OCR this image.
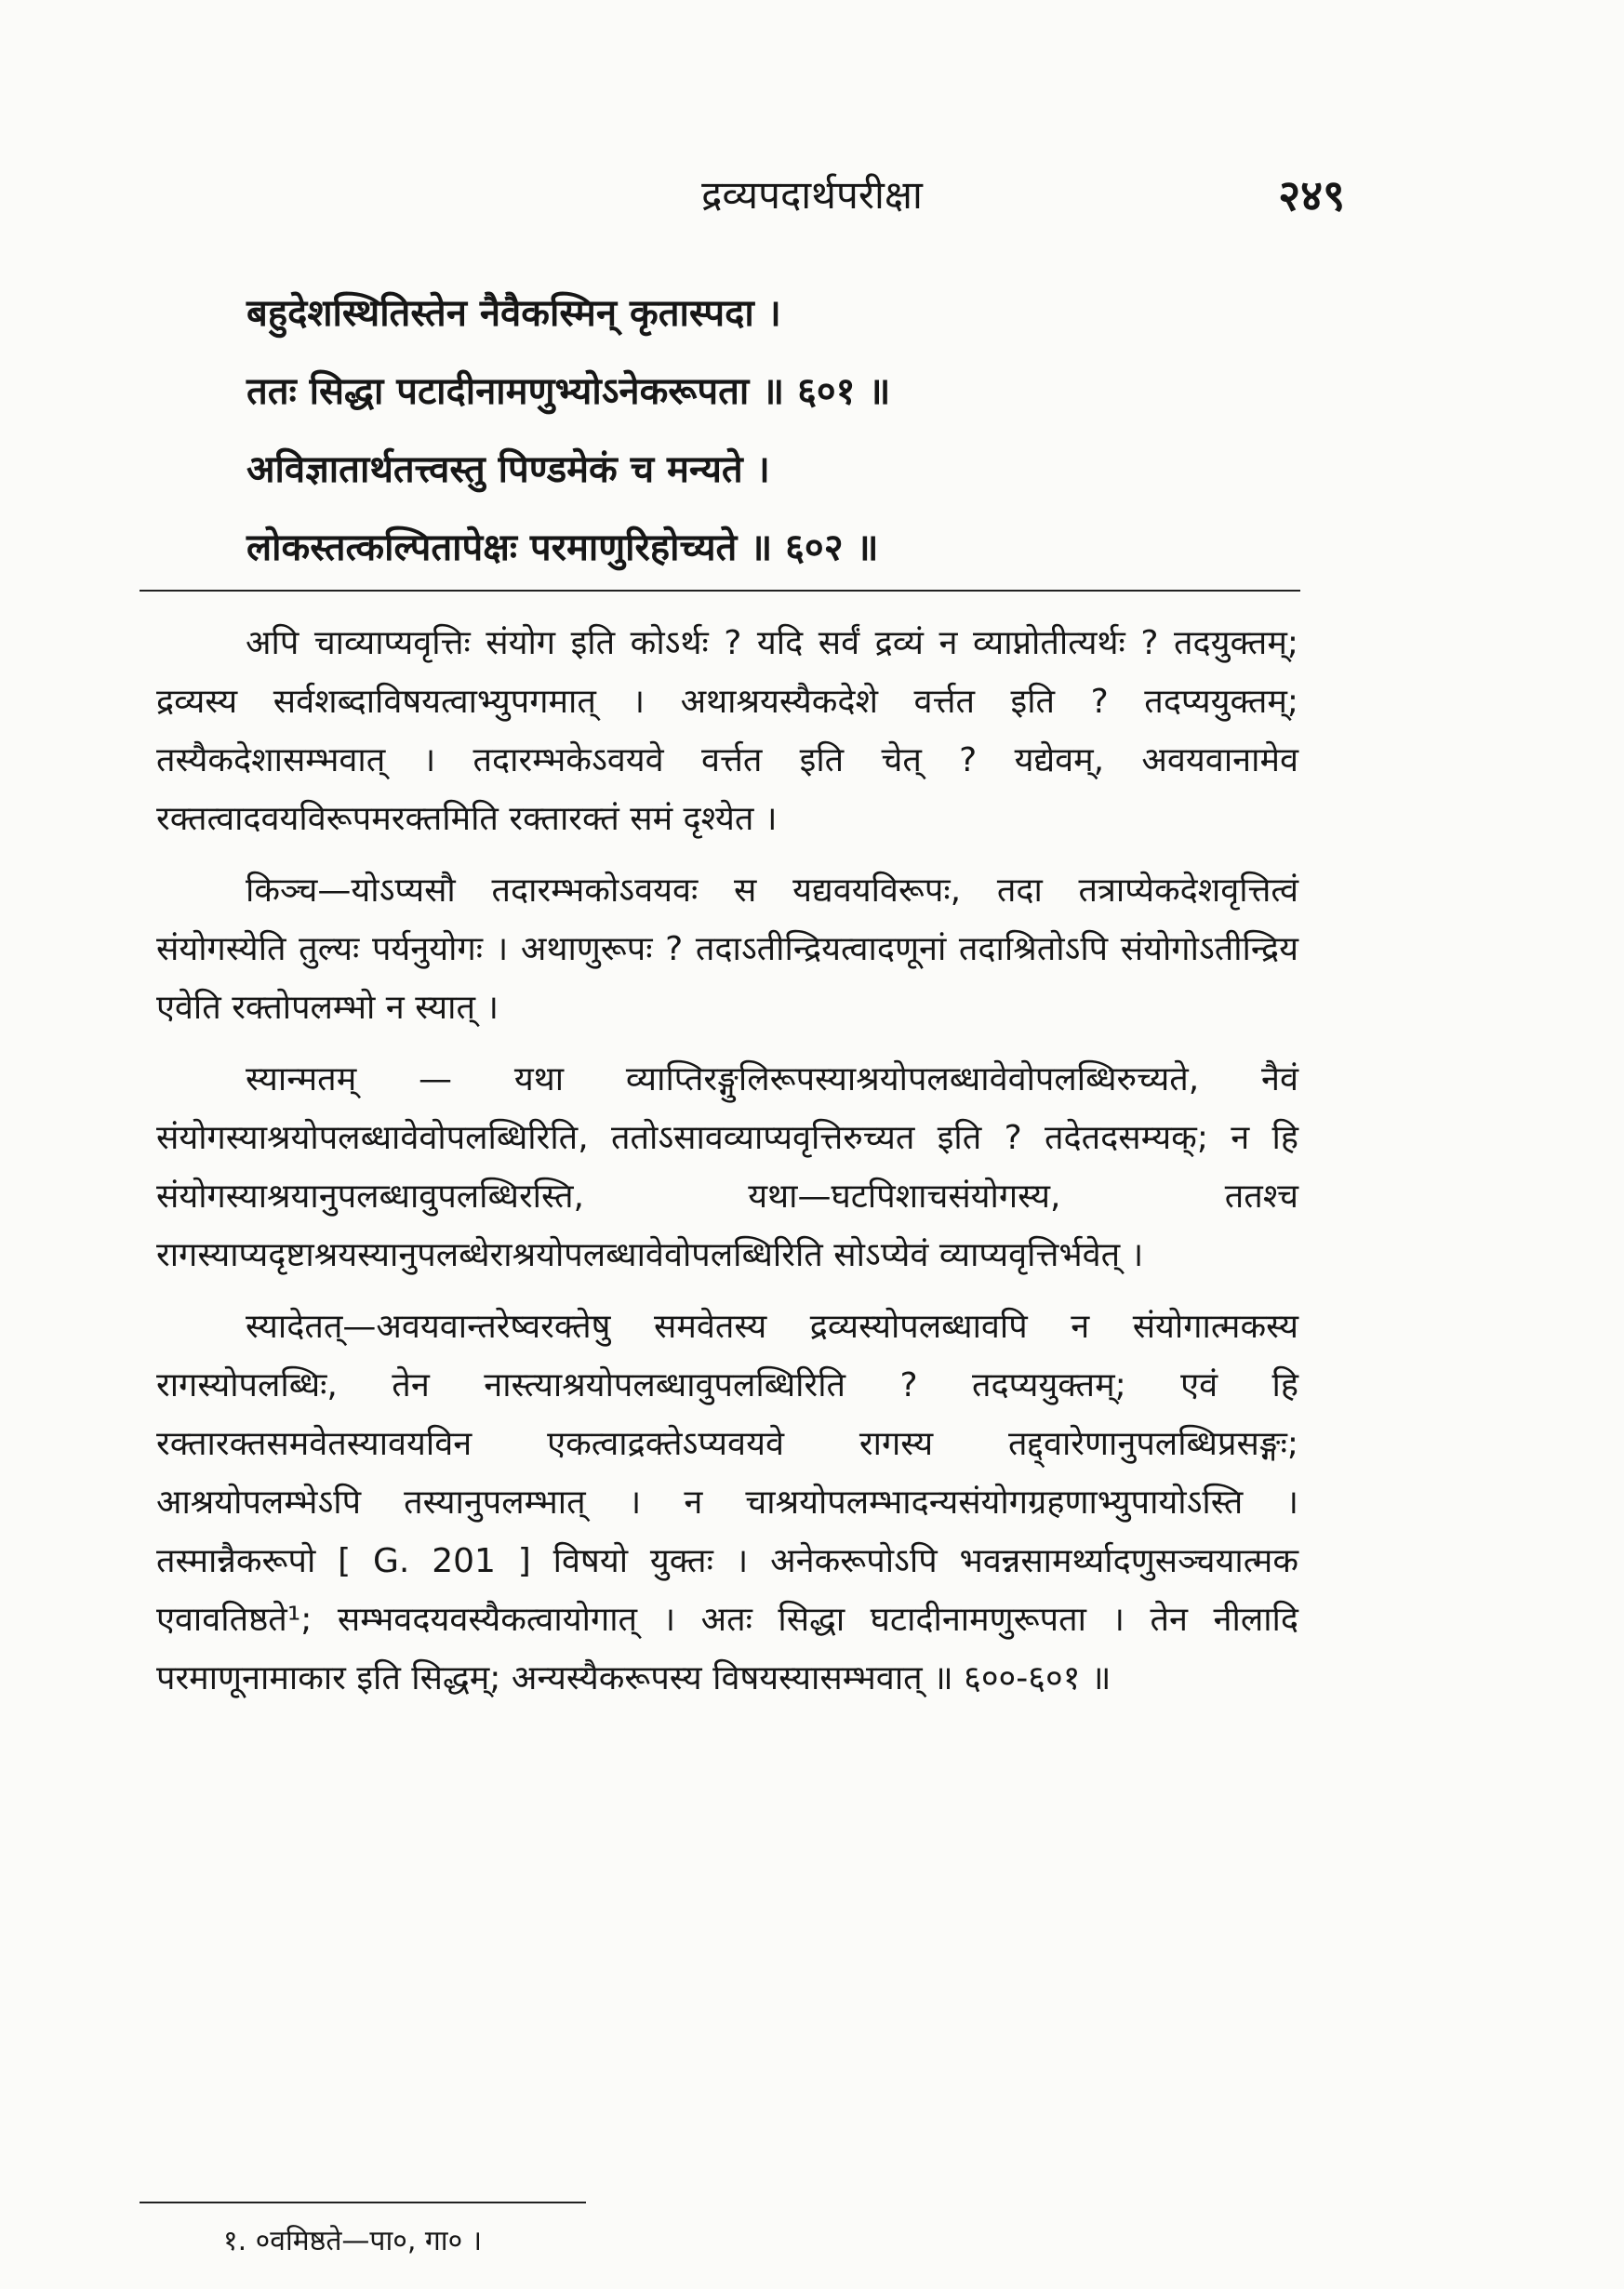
द्रव्यपदार्थपरीक्षा	२४९
बहुदेशस्थितिस्तेन नैवैकस्मिन् कृतास्पदा ।
ततः सिद्धा पटादीनामणुभ्योऽनेकरूपता ॥ ६०१ ॥
अविज्ञातार्थतत्त्वस्तु पिण्डमेकं च मन्यते ।
लोकस्तत्कल्पितापेक्षः परमाणुरिहोच्यते ॥ ६०२ ॥

अपि चाव्याप्यवृत्तिः संयोग इति कोऽर्थः ? यदि सर्वं द्रव्यं न व्याप्नोतीत्यर्थः ? तदयुक्तम्; द्रव्यस्य सर्वशब्दाविषयत्वाभ्युपगमात् । अथाश्रयस्यैकदेशे वर्त्तत इति ? तदप्ययुक्तम्; तस्यैकदेशासम्भवात् । तदारम्भकेऽवयवे वर्त्तत इति चेत् ? यद्येवम्, अवयवानामेव रक्तत्वादवयविरूपमरक्तमिति रक्तारक्तं समं दृश्येत ।

किञ्च—योऽप्यसौ तदारम्भकोऽवयवः स यद्यवयविरूपः, तदा तत्राप्येकदेशवृत्तित्वं संयोगस्येति तुल्यः पर्यनुयोगः । अथाणुरूपः ? तदाऽतीन्द्रियत्वादणूनां तदाश्रितोऽपि संयोगोऽतीन्द्रिय एवेति रक्तोपलम्भो न स्यात् ।

स्यान्मतम् — यथा व्याप्तिरङ्गुलिरूपस्याश्रयोपलब्धावेवोपलब्धिरुच्यते, नैवं संयोगस्याश्रयोपलब्धावेवोपलब्धिरिति, ततोऽसावव्याप्यवृत्तिरुच्यत इति ? तदेतदसम्यक्; न हि संयोगस्याश्रयानुपलब्धावुपलब्धिरस्ति, यथा—घटपिशाचसंयोगस्य, ततश्च रागस्याप्यदृष्टाश्रयस्यानुपलब्धेराश्रयोपलब्धावेवोपलब्धिरिति सोऽप्येवं व्याप्यवृत्तिर्भवेत् ।

स्यादेतत्—अवयवान्तरेष्वरक्तेषु समवेतस्य द्रव्यस्योपलब्धावपि न संयोगात्मकस्य रागस्योपलब्धिः, तेन नास्त्याश्रयोपलब्धावुपलब्धिरिति ? तदप्ययुक्तम्; एवं हि रक्तारक्तसमवेतस्यावयविन एकत्वाद्रक्तेऽप्यवयवे रागस्य तद्द्वारेणानुपलब्धिप्रसङ्गः; आश्रयोपलम्भेऽपि तस्यानुपलम्भात् । न चाश्रयोपलम्भादन्यसंयोगग्रहणाभ्युपायोऽस्ति । तस्मान्नैकरूपो [ G. 201 ] विषयो युक्तः । अनेकरूपोऽपि भवन्नसामर्थ्यादणुसञ्चयात्मक एवावतिष्ठते¹; सम्भवदयवस्यैकत्वायोगात् । अतः सिद्धा घटादीनामणुरूपता । तेन नीलादि परमाणूनामाकार इति सिद्धम्; अन्यस्यैकरूपस्य विषयस्यासम्भवात् ॥ ६००-६०१ ॥

१. ०वमिष्ठते—पा०, गा० ।
